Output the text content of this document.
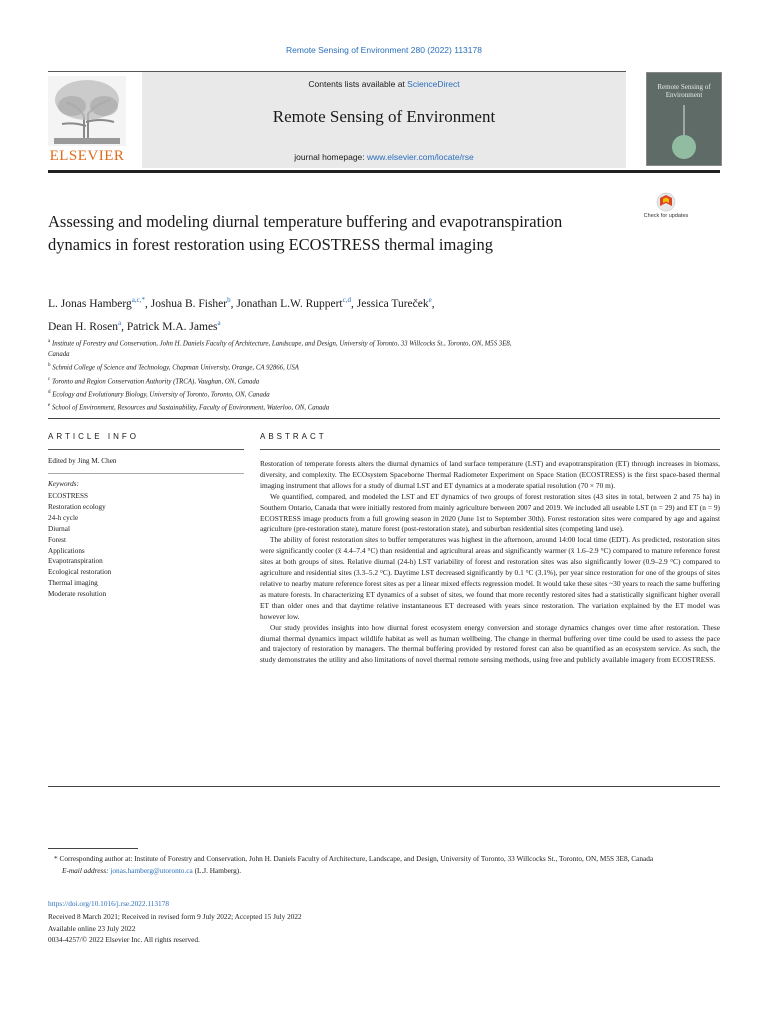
Remote Sensing of Environment 280 (2022) 113178
ELSEVIER
Contents lists available at ScienceDirect
Remote Sensing of Environment
journal homepage: www.elsevier.com/locate/rse
Remote Sensing of Environment
Check for updates
Assessing and modeling diurnal temperature buffering and evapotranspiration dynamics in forest restoration using ECOSTRESS thermal imaging
L. Jonas Hamberg$^{a,c,*}$, Joshua B. Fisher$^b$, Jonathan L.W. Ruppert$^{c,d}$, Jessica Tureček$^e$,
Dean H. Rosen$^a$, Patrick M.A. James$^a$
$^a$ Institute of Forestry and Conservation, John H. Daniels Faculty of Architecture, Landscape, and Design, University of Toronto, 33 Willcocks St., Toronto, ON, M5S 3E8,
Canada
$^b$ Schmid College of Science and Technology, Chapman University, Orange, CA 92866, USA
$^c$ Toronto and Region Conservation Authority (TRCA), Vaughan, ON, Canada
$^d$ Ecology and Evolutionary Biology, University of Toronto, Toronto, ON, Canada
$^e$ School of Environment, Resources and Sustainability, Faculty of Environment, Waterloo, ON, Canada
ARTICLE INFO
Edited by Jing M. Chen
Keywords:
ECOSTRESS
Restoration ecology
24-h cycle
Diurnal
Forest
Applications
Evapotranspiration
Ecological restoration
Thermal imaging
Moderate resolution
ABSTRACT

Restoration of temperate forests alters the diurnal dynamics of land surface temperature (LST) and evapotranspiration (ET) through increases in biomass, diversity, and complexity. The ECOsystem Spaceborne Thermal Radiometer Experiment on Space Station (ECOSTRESS) is the first space-based thermal imaging instrument that allows for a study of diurnal LST and ET dynamics at a moderate spatial resolution (70 × 70 m).

We quantified, compared, and modeled the LST and ET dynamics of two groups of forest restoration sites (43 sites in total, between 2 and 75 ha) in Southern Ontario, Canada that were initially restored from mainly agriculture between 2007 and 2019. We included all useable LST (n = 29) and ET (n = 9) ECOSTRESS image products from a full growing season in 2020 (June 1st to September 30th). Forest restoration sites were compared by age and against agriculture (pre-restoration state), mature forest (post-restoration state), and suburban residential sites (competing land use).

The ability of forest restoration sites to buffer temperatures was highest in the afternoon, around 14:00 local time (EDT). As predicted, restoration sites were significantly cooler (x̄ 4.4–7.4 °C) than residential and agricultural areas and significantly warmer (x̄ 1.6–2.9 °C) compared to mature reference forest sites at both groups of sites. Relative diurnal (24-h) LST variability of forest and restoration sites was also significantly lower (0.9–2.9 °C) compared to agriculture and residential sites (3.3–5.2 °C). Daytime LST decreased significantly by 0.1 °C (3.1%), per year since restoration for one of the groups of sites relative to nearby mature reference forest sites as per a linear mixed effects regression model. It would take these sites ~30 years to reach the same buffering as mature forests. In characterizing ET dynamics of a subset of sites, we found that more recently restored sites had a statistically significant higher overall ET than older ones and that daytime relative instantaneous ET decreased with years since restoration. The variation explained by the ET model was however low.

Our study provides insights into how diurnal forest ecosystem energy conversion and storage dynamics changes over time after restoration. These diurnal thermal dynamics impact wildlife habitat as well as human wellbeing. The change in thermal buffering over time could be used to assess the pace and trajectory of restoration by managers. The thermal buffering provided by restored forest can also be quantified as an ecosystem service. As such, the study demonstrates the utility and also limitations of novel thermal remote sensing methods, using free and publicly available imagery from ECOSTRESS.

* Corresponding author at: Institute of Forestry and Conservation, John H. Daniels Faculty of Architecture, Landscape, and Design, University of Toronto, 33 Willcocks St., Toronto, ON, M5S 3E8, Canada
E-mail address: jonas.hamberg@utoronto.ca (L.J. Hamberg).
https://doi.org/10.1016/j.rse.2022.113178
Received 8 March 2021; Received in revised form 9 July 2022; Accepted 15 July 2022
Available online 23 July 2022
0034-4257/© 2022 Elsevier Inc. All rights reserved.
